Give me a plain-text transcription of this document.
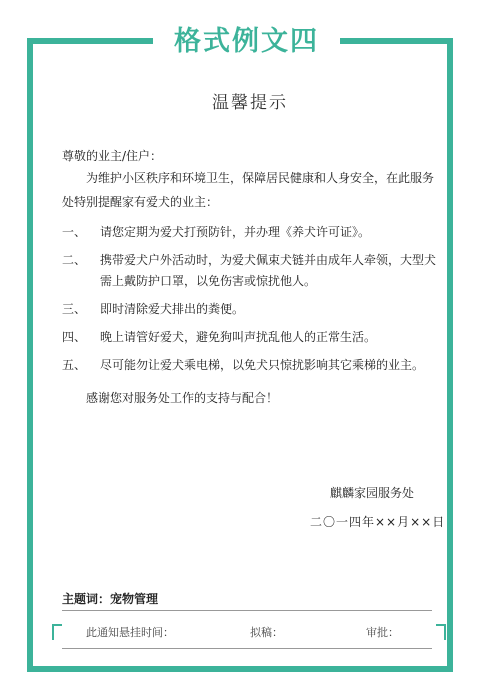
格式例文四
温馨提示
尊敬的业主/住户：
为维护小区秩序和环境卫生，保障居民健康和人身安全，在此服务处特别提醒家有爱犬的业主：
一、	请您定期为爱犬打预防针，并办理《养犬许可证》。
二、	携带爱犬户外活动时，为爱犬佩束犬链并由成年人牵领，大型犬需上戴防护口罩，以免伤害或惊扰他人。
三、	即时清除爱犬排出的粪便。
四、	晚上请管好爱犬，避免狗叫声扰乱他人的正常生活。
五、	尽可能勿让爱犬乘电梯，以免犬只惊扰影响其它乘梯的业主。
感谢您对服务处工作的支持与配合！
麒麟家园服务处
二〇一四年××月××日
主题词：宠物管理
此通知悬挂时间：	拟稿：	审批：
